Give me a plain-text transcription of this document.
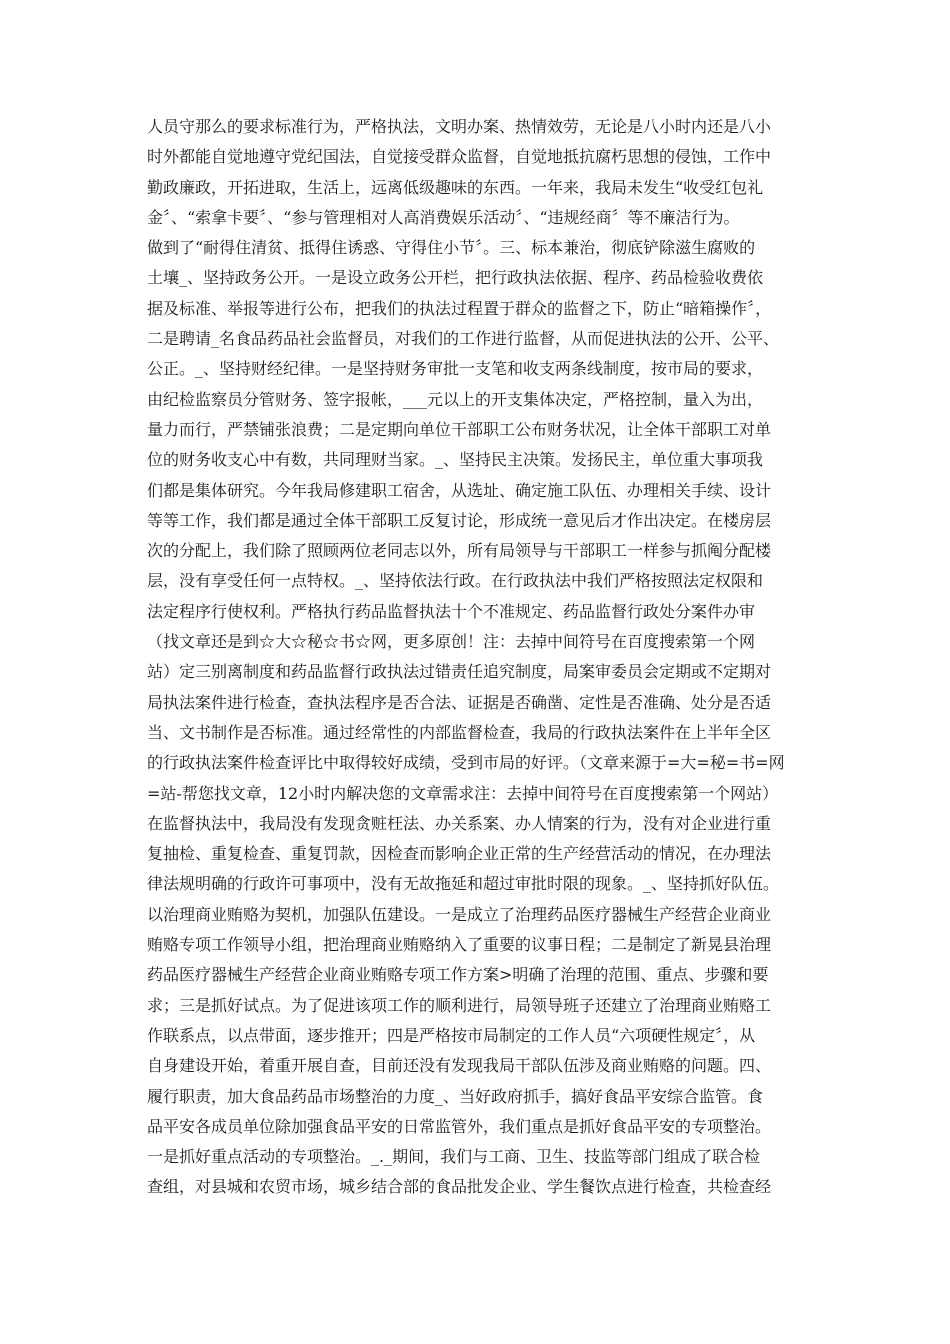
人员守那么的要求标准行为，严格执法，文明办案、热情效劳，无论是八小时内还是八小
时外都能自觉地遵守党纪国法，自觉接受群众监督，自觉地抵抗腐朽思想的侵蚀，工作中
勤政廉政，开拓进取，生活上，远离低级趣味的东西。一年来，我局未发生“收受红包礼
金〞、“索拿卡要〞、“参与管理相对人高消费娱乐活动〞、“违规经商〞等不廉洁行为。
做到了“耐得住清贫、抵得住诱惑、守得住小节〞。三、标本兼治，彻底铲除滋生腐败的
土壤_、坚持政务公开。一是设立政务公开栏，把行政执法依据、程序、药品检验收费依
据及标准、举报等进行公布，把我们的执法过程置于群众的监督之下，防止“暗箱操作〞，
二是聘请_名食品药品社会监督员，对我们的工作进行监督，从而促进执法的公开、公平、
公正。_、坚持财经纪律。一是坚持财务审批一支笔和收支两条线制度，按市局的要求，
由纪检监察员分管财务、签字报帐，___元以上的开支集体决定，严格控制，量入为出，
量力而行，严禁铺张浪费；二是定期向单位干部职工公布财务状况，让全体干部职工对单
位的财务收支心中有数，共同理财当家。_、坚持民主决策。发扬民主，单位重大事项我
们都是集体研究。今年我局修建职工宿舍，从选址、确定施工队伍、办理相关手续、设计
等等工作，我们都是通过全体干部职工反复讨论，形成统一意见后才作出决定。在楼房层
次的分配上，我们除了照顾两位老同志以外，所有局领导与干部职工一样参与抓阄分配楼
层，没有享受任何一点特权。_、坚持依法行政。在行政执法中我们严格按照法定权限和
法定程序行使权利。严格执行药品监督执法十个不准规定、药品监督行政处分案件办审
（找文章还是到☆大☆秘☆书☆网，更多原创！注：去掉中间符号在百度搜索第一个网
站）定三别离制度和药品监督行政执法过错责任追究制度，局案审委员会定期或不定期对
局执法案件进行检查，查执法程序是否合法、证据是否确凿、定性是否准确、处分是否适
当、文书制作是否标准。通过经常性的内部监督检查，我局的行政执法案件在上半年全区
的行政执法案件检查评比中取得较好成绩，受到市局的好评。（文章来源于=大=秘=书=网
=站-帮您找文章，12小时内解决您的文章需求注：去掉中间符号在百度搜索第一个网站）
在监督执法中，我局没有发现贪赃枉法、办关系案、办人情案的行为，没有对企业进行重
复抽检、重复检查、重复罚款，因检查而影响企业正常的生产经营活动的情况，在办理法
律法规明确的行政许可事项中，没有无故拖延和超过审批时限的现象。_、坚持抓好队伍。
以治理商业贿赂为契机，加强队伍建设。一是成立了治理药品医疗器械生产经营企业商业
贿赂专项工作领导小组，把治理商业贿赂纳入了重要的议事日程；二是制定了新晃县治理
药品医疗器械生产经营企业商业贿赂专项工作方案>明确了治理的范围、重点、步骤和要
求；三是抓好试点。为了促进该项工作的顺利进行，局领导班子还建立了治理商业贿赂工
作联系点，以点带面，逐步推开；四是严格按市局制定的工作人员“六项硬性规定〞，从
自身建设开始，着重开展自查，目前还没有发现我局干部队伍涉及商业贿赂的问题。四、
履行职责，加大食品药品市场整治的力度_、当好政府抓手，搞好食品平安综合监管。食
品平安各成员单位除加强食品平安的日常监管外，我们重点是抓好食品平安的专项整治。
一是抓好重点活动的专项整治。_._期间，我们与工商、卫生、技监等部门组成了联合检
查组，对县城和农贸市场，城乡结合部的食品批发企业、学生餐饮点进行检查，共检查经
